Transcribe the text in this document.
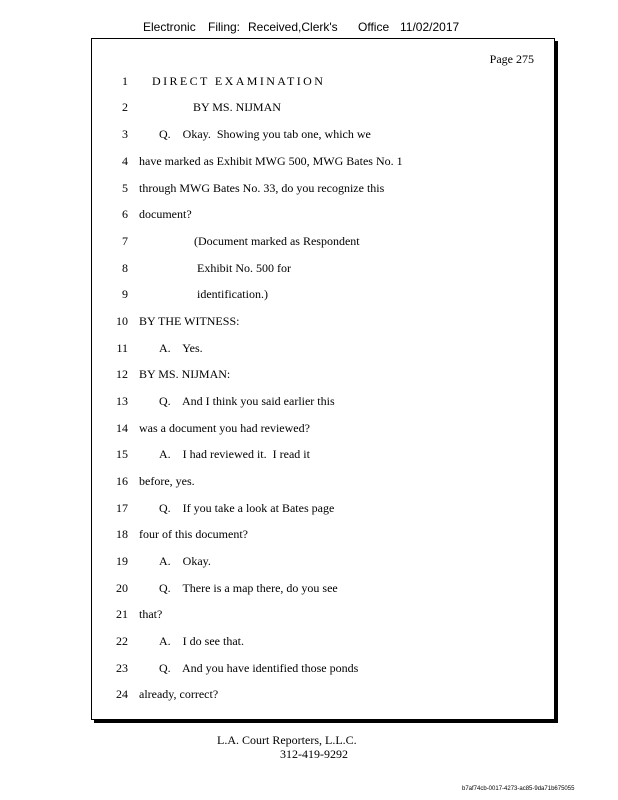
Electronic Filing: Received,Clerk's Office 11/02/2017
Page 275
1 DIRECT EXAMINATION
2	BY MS. NIJMAN
3	Q.    Okay.  Showing you tab one, which we
4 have marked as Exhibit MWG 500, MWG Bates No. 1
5 through MWG Bates No. 33, do you recognize this
6 document?
7	(Document marked as Respondent
8	Exhibit No. 500 for
9	identification.)
10 BY THE WITNESS:
11	A.    Yes.
12 BY MS. NIJMAN:
13	Q.    And I think you said earlier this
14 was a document you had reviewed?
15	A.    I had reviewed it.  I read it
16 before, yes.
17	Q.    If you take a look at Bates page
18 four of this document?
19	A.    Okay.
20	Q.    There is a map there, do you see
21 that?
22	A.    I do see that.
23	Q.    And you have identified those ponds
24 already, correct?
L.A. Court Reporters, L.L.C.
312-419-9292
b7af74cb-0017-4273-ac85-9da71b675055
